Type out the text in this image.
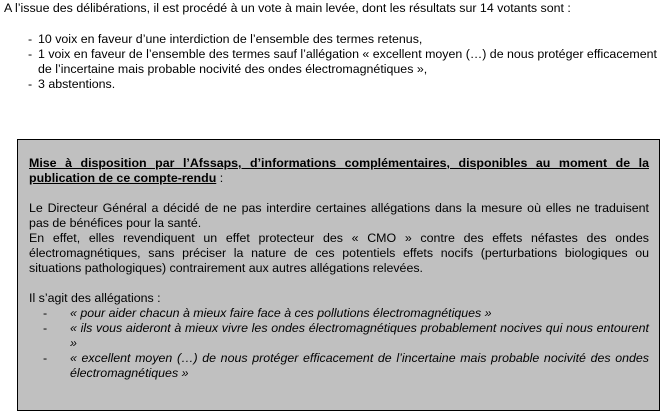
A l’issue des délibérations, il est procédé à un vote à main levée, dont les résultats sur 14 votants sont :
- 10 voix en faveur d’une interdiction de l’ensemble des termes retenus,
- 1 voix en faveur de l’ensemble des termes sauf l’allégation « excellent moyen (…) de nous protéger efficacement de l’incertaine mais probable nocivité des ondes électromagnétiques »,
- 3 abstentions.

Mise à disposition par l’Afssaps, d’informations complémentaires, disponibles au moment de la publication de ce compte-rendu :

Le Directeur Général a décidé de ne pas interdire certaines allégations dans la mesure où elles ne traduisent pas de bénéfices pour la santé.

En effet, elles revendiquent un effet protecteur des « CMO » contre des effets néfastes des ondes électromagnétiques, sans préciser la nature de ces potentiels effets nocifs (perturbations biologiques ou situations pathologiques) contrairement aux autres allégations relevées.

Il s’agit des allégations :

- « pour aider chacun à mieux faire face à ces pollutions électromagnétiques »
- « ils vous aideront à mieux vivre les ondes électromagnétiques probablement nocives qui nous entourent »
- « excellent moyen (…) de nous protéger efficacement de l’incertaine mais probable nocivité des ondes électromagnétiques »
